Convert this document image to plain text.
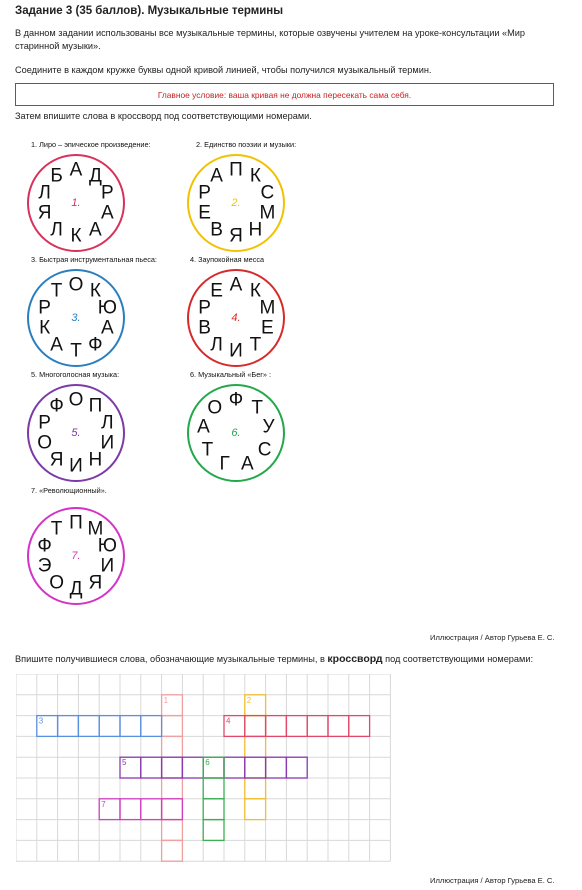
Задание 3 (35 баллов). Музыкальные термины
В данном задании использованы все музыкальные термины, которые озвучены учителем на уроке-консультации «Мир старинной музыки».
Соедините в каждом кружке буквы одной кривой линией, чтобы получился музыкальный термин.
Главное условие: ваша кривая не должна пересекать сама себя.
Затем впишите слова в кроссворд под соответствующими номерами.
1. Лиро – эпическое произведение:
А Д
Р
А
А
К
Л
Я
Л
Б
1.
2. Единство поэзии и музыки:
П К
С
М
Н
Я
В
Е
Р
А
2.
3. Быстрая инструментальная пьеса:
О К
Ю
А
Ф
Т
А
К
Р
Т
3.
4. Заупокойная месса
А К
М
Е
Т
И
Л
В
Р
Е
4.
5. Многоголосная музыка:
О П
Л
И
Н
И
Я
О
Р
Ф
5.
6. Музыкальный «Бег» :
Ф Т
У
С
А
Г
Т
А
О
6.
7. «Револющионный».
П М
Ю
И
Я
Д
О
Э
Ф
Т
7.
Иллюстрация / Автор Гурьева Е. С.
Впишите получившиеся слова, обозначающие музыкальные термины, в кроссворд под соответствующими номерами:
1	2
3	4
5	6
7
Иллюстрация / Автор Гурьева Е. С.
